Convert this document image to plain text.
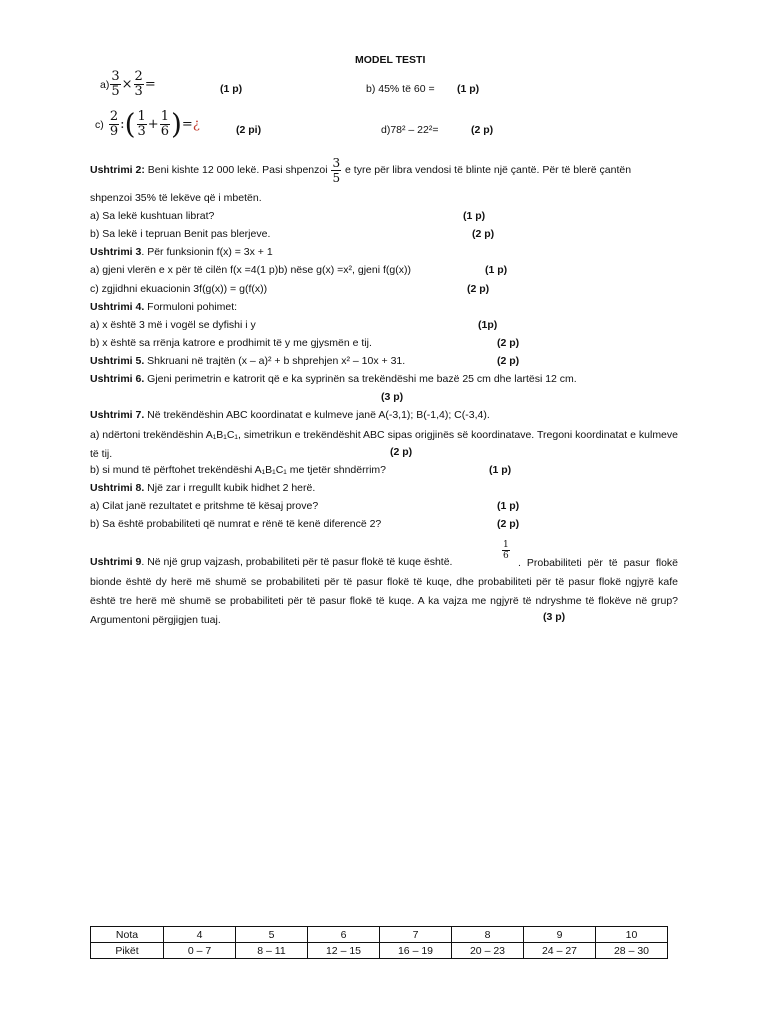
MODEL TESTI
$a) \frac{3}{5} \times \frac{2}{3}$ =	(1 p)	b) 45% të 60 = (1 p)
$c) \frac{2}{9}$ :( $\frac{1}{3} + \frac{1}{6}$ )=¿	(2 pi)	d)78² – 22²=	(2 p)
Ushtrimi 2: Beni kishte 12 000 lekë. Pasi shpenzoi $\frac{3}{5}$ e tyre për libra vendosi të blinte një çantë. Për të blerë çantën
shpenzoi 35% të lekëve që i mbetën.
a) Sa lekë kushtuan librat?	(1 p)
b) Sa lekë i tepruan Benit pas blerjeve.	(2 p)
Ushtrimi 3. Për funksionin f(x) = 3x + 1
a) gjeni vlerën e x për të cilën f(x =4(1 p)b) nëse g(x) =x², gjeni f(g(x))	(1 p)
c) zgjidhni ekuacionin 3f(g(x)) = g(f(x))	(2 p)
Ushtrimi 4. Formuloni pohimet:
a) x është 3 më i vogël se dyfishi i y	(1p)
b) x është sa rrënja katrore e prodhimit të y me gjysmën e tij.	(2 p)
Ushtrimi 5. Shkruani në trajtën (x – a)² + b shprehjen x² – 10x + 31.	(2 p)
Ushtrimi 6. Gjeni perimetrin e katrorit që e ka syprinën sa trekëndëshi me bazë 25 cm dhe lartësi 12 cm.
(3 p)
Ushtrimi 7. Në trekëndëshin ABC koordinatat e kulmeve janë A(-3,1); B(-1,4); C(-3,4).
a) ndërtoni trekëndëshin A₁B₁C₁, simetrikun e trekëndëshit ABC sipas origjinës së koordinatave. Tregoni koordinatat e kulmeve të tij.	(2 p)
b) si mund të përftohet trekëndëshi A₁B₁C₁ me tjetër shndërrim?	(1 p)
Ushtrimi 8. Një zar i rregullt kubik hidhet 2 herë.
a) Cilat janë rezultatet e pritshme të kësaj prove?	(1 p)
b) Sa është probabiliteti që numrat e rënë të kenë diferencë 2?	(2 p)
Ushtrimi 9. Në një grup vajzash, probabiliteti për të pasur flokë të kuqe është.
$\frac{1}{6}$
. Probabiliteti për të pasur flokë bionde është dy herë më shumë se probabiliteti për të pasur flokë të kuqe, dhe probabiliteti për të pasur flokë ngjyrë kafe është tre herë më shumë se probabiliteti për të pasur flokë të kuqe. A ka vajza me ngjyrë të ndryshme të flokëve në grup?Argumentoni përgjigjen tuaj.	(3 p)
Nota	4	5	6	7	8	9	10
Pikët	0 – 7	8 – 11	12 – 15	16 – 19	20 – 23	24 – 27	28 – 30
